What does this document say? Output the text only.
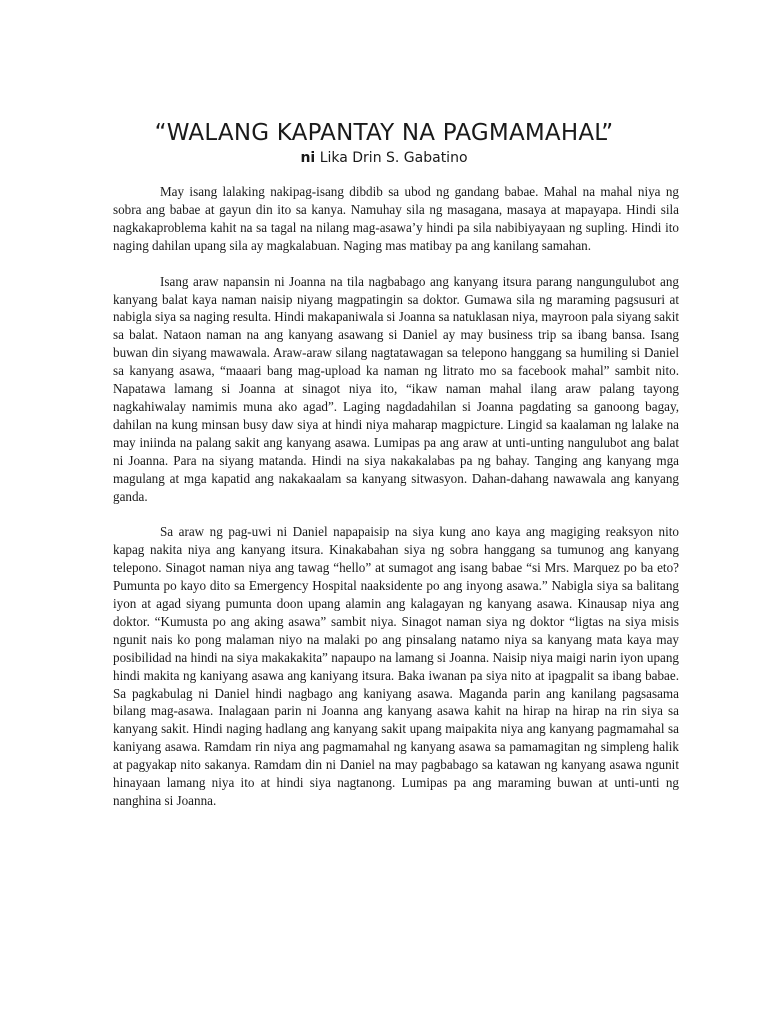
“WALANG KAPANTAY NA PAGMAMAHAL”
ni Lika Drin S. Gabatino

May isang lalaking nakipag-isang dibdib sa ubod ng gandang babae. Mahal na mahal niya ng sobra ang babae at gayun din ito sa kanya. Namuhay sila ng masagana, masaya at mapayapa. Hindi sila nagkakaproblema kahit na sa tagal na nilang mag-asawa’y hindi pa sila nabibiyayaan ng supling. Hindi ito naging dahilan upang sila ay magkalabuan. Naging mas matibay pa ang kanilang samahan.

Isang araw napansin ni Joanna na tila nagbabago ang kanyang itsura parang nangungulubot ang kanyang balat kaya naman naisip niyang magpatingin sa doktor. Gumawa sila ng maraming pagsusuri at nabigla siya sa naging resulta. Hindi makapaniwala si Joanna sa natuklasan niya, mayroon pala siyang sakit sa balat. Nataon naman na ang kanyang asawang si Daniel ay may business trip sa ibang bansa. Isang buwan din siyang mawawala. Araw-araw silang nagtatawagan sa telepono hanggang sa humiling si Daniel sa kanyang asawa, “maaari bang mag-upload ka naman ng litrato mo sa facebook mahal” sambit nito. Napatawa lamang si Joanna at sinagot niya ito, “ikaw naman mahal ilang araw palang tayong nagkahiwalay namimis muna ako agad”. Laging nagdadahilan si Joanna pagdating sa ganoong bagay, dahilan na kung minsan busy daw siya at hindi niya maharap magpicture. Lingid sa kaalaman ng lalake na may iniinda na palang sakit ang kanyang asawa. Lumipas pa ang araw at unti-unting nangulubot ang balat ni Joanna. Para na siyang matanda. Hindi na siya nakakalabas pa ng bahay. Tanging ang kanyang mga magulang at mga kapatid ang nakakaalam sa kanyang sitwasyon. Dahan-dahang nawawala ang kanyang ganda.

Sa araw ng pag-uwi ni Daniel napapaisip na siya kung ano kaya ang magiging reaksyon nito kapag nakita niya ang kanyang itsura. Kinakabahan siya ng sobra hanggang sa tumunog ang kanyang telepono. Sinagot naman niya ang tawag “hello” at sumagot ang isang babae “si Mrs. Marquez po ba eto? Pumunta po kayo dito sa Emergency Hospital naaksidente po ang inyong asawa.” Nabigla siya sa balitang iyon at agad siyang pumunta doon upang alamin ang kalagayan ng kanyang asawa. Kinausap niya ang doktor. “Kumusta po ang aking asawa” sambit niya. Sinagot naman siya ng doktor “ligtas na siya misis ngunit nais ko pong malaman niyo na malaki po ang pinsalang natamo niya sa kanyang mata kaya may posibilidad na hindi na siya makakakita” napaupo na lamang si Joanna. Naisip niya maigi narin iyon upang hindi makita ng kaniyang asawa ang kaniyang itsura. Baka iwanan pa siya nito at ipagpalit sa ibang babae. Sa pagkabulag ni Daniel hindi nagbago ang kaniyang asawa. Maganda parin ang kanilang pagsasama bilang mag-asawa. Inalagaan parin ni Joanna ang kanyang asawa kahit na hirap na hirap na rin siya sa kanyang sakit. Hindi naging hadlang ang kanyang sakit upang maipakita niya ang kanyang pagmamahal sa kaniyang asawa. Ramdam rin niya ang pagmamahal ng kanyang asawa sa pamamagitan ng simpleng halik at pagyakap nito sakanya. Ramdam din ni Daniel na may pagbabago sa katawan ng kanyang asawa ngunit hinayaan lamang niya ito at hindi siya nagtanong. Lumipas pa ang maraming buwan at unti-unti ng nanghina si Joanna.
